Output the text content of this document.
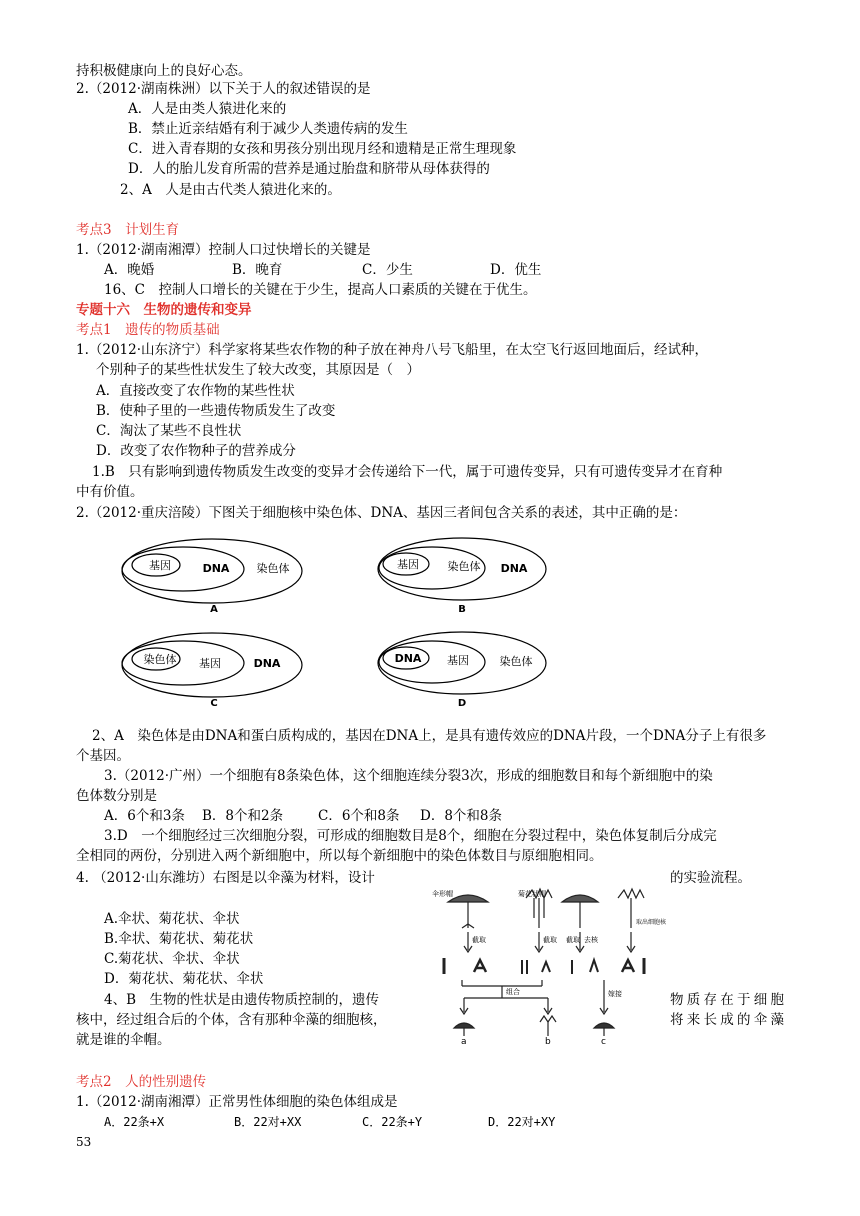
持积极健康向上的良好心态。
2.（2012·湖南株洲）以下关于人的叙述错误的是
A．人是由类人猿进化来的
B．禁止近亲结婚有利于减少人类遗传病的发生
C．进入青春期的女孩和男孩分别出现月经和遗精是正常生理现象
D．人的胎儿发育所需的营养是通过胎盘和脐带从母体获得的
2、A　人是由古代类人猿进化来的。
考点3　计划生育
1.（2012·湖南湘潭）控制人口过快增长的关键是
A．晚婚	B．晚育	C．少生	D．优生
16、C　控制人口增长的关键在于少生，提高人口素质的关键在于优生。
专题十六　生物的遗传和变异
考点1　遗传的物质基础
1.（2012·山东济宁）科学家将某些农作物的种子放在神舟八号飞船里，在太空飞行返回地面后，经试种，
个别种子的某些性状发生了较大改变，其原因是（　）
A．直接改变了农作物的某些性状
B．使种子里的一些遗传物质发生了改变
C．淘汰了某些不良性状
D．改变了农作物种子的营养成分
1.B　只有影响到遗传物质发生改变的变异才会传递给下一代，属于可遗传变异，只有可遗传变异才在育种
中有价值。
2.（2012·重庆涪陵）下图关于细胞核中染色体、DNA、基因三者间包含关系的表述，其中正确的是：
基因	DNA 染色体
A
基因	染色体 DNA
B
染色体 基因	DNA
C
DNA 基因	染色体
D
2、A　染色体是由DNA和蛋白质构成的，基因在DNA上，是具有遗传效应的DNA片段，一个DNA分子上有很多
个基因。
3.（2012·广州）一个细胞有8条染色体，这个细胞连续分裂3次，形成的细胞数目和每个新细胞中的染
色体数分别是
A．6个和3条 B．8个和2条	C．6个和8条 D．8个和8条
3.D　一个细胞经过三次细胞分裂，可形成的细胞数目是8个，细胞在分裂过程中，染色体复制后分成完
全相同的两份，分别进入两个新细胞中，所以每个新细胞中的染色体数目与原细胞相同。
4. （2012·山东潍坊）右图是以伞藻为材料，设计	的实验流程。
A.伞状、菊花状、伞状
B.伞状、菊花状、菊花状
C.菊花状、伞状、伞状
D．菊花状、菊花状、伞状
4、B　生物的性状是由遗传物质控制的，遗传	物质存在于细胞
核中，经过组合后的个体，含有那种伞藻的细胞核，	将来长成的伞藻
就是谁的伞帽。
伞形帽	菊花状帽
截取	截取 截取 去核
取出细胞核
组合	嫁接
a	b	c
考点2　人的性别遗传
1.（2012·湖南湘潭）正常男性体细胞的染色体组成是
A．22条+X	B．22对+XX	C．22条+Y	D．22对+XY
53
